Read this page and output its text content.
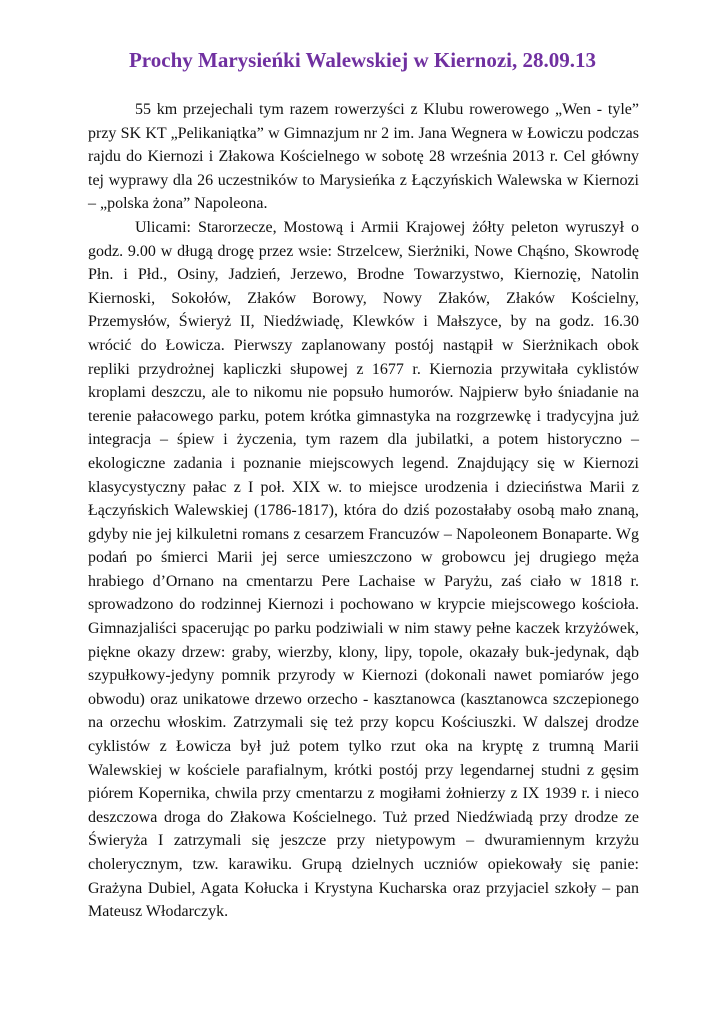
Prochy Marysieńki Walewskiej w Kiernozi, 28.09.13

55 km przejechali tym razem rowerzyści z Klubu rowerowego „Wen - tyle” przy SK KT „Pelikaniątka” w Gimnazjum nr 2 im. Jana Wegnera w Łowiczu podczas rajdu do Kiernozi i Złakowa Kościelnego w sobotę 28 września 2013 r. Cel główny tej wyprawy dla 26 uczestników to Marysieńka z Łączyńskich Walewska w Kiernozi – „polska żona” Napoleona.

Ulicami: Starorzecze, Mostową i Armii Krajowej żółty peleton wyruszył o godz. 9.00 w długą drogę przez wsie: Strzelcew, Sierżniki, Nowe Chąśno, Skowrodę Płn. i Płd., Osiny, Jadzień, Jerzewo, Brodne Towarzystwo, Kiernozię, Natolin Kiernoski, Sokołów, Złaków Borowy, Nowy Złaków, Złaków Kościelny, Przemysłów, Świeryż II, Niedźwiadę, Klewków i Małszyce, by na godz. 16.30 wrócić do Łowicza. Pierwszy zaplanowany postój nastąpił w Sierżnikach obok repliki przydrożnej kapliczki słupowej z 1677 r. Kiernozia przywitała cyklistów kroplami deszczu, ale to nikomu nie popsuło humorów. Najpierw było śniadanie na terenie pałacowego parku, potem krótka gimnastyka na rozgrzewkę i tradycyjna już integracja – śpiew i życzenia, tym razem dla jubilatki, a potem historyczno – ekologiczne zadania i poznanie miejscowych legend. Znajdujący się w Kiernozi klasycystyczny pałac z I poł. XIX w. to miejsce urodzenia i dzieciństwa Marii z Łączyńskich Walewskiej (1786-1817), która do dziś pozostałaby osobą mało znaną, gdyby nie jej kilkuletni romans z cesarzem Francuzów – Napoleonem Bonaparte. Wg podań po śmierci Marii jej serce umieszczono w grobowcu jej drugiego męża hrabiego d’Ornano na cmentarzu Pere Lachaise w Paryżu, zaś ciało w 1818 r. sprowadzono do rodzinnej Kiernozi i pochowano w krypcie miejscowego kościoła. Gimnazjaliści spacerując po parku podziwiali w nim stawy pełne kaczek krzyżówek, piękne okazy drzew: graby, wierzby, klony, lipy, topole, okazały buk-jedynak, dąb szypułkowy-jedyny pomnik przyrody w Kiernozi (dokonali nawet pomiarów jego obwodu) oraz unikatowe drzewo orzecho - kasztanowca (kasztanowca szczepionego na orzechu włoskim. Zatrzymali się też przy kopcu Kościuszki. W dalszej drodze cyklistów z Łowicza był już potem tylko rzut oka na kryptę z trumną Marii Walewskiej w kościele parafialnym, krótki postój przy legendarnej studni z gęsim piórem Kopernika, chwila przy cmentarzu z mogiłami żołnierzy z IX 1939 r. i nieco deszczowa droga do Złakowa Kościelnego. Tuż przed Niedźwiadą przy drodze ze Świeryża I zatrzymali się jeszcze przy nietypowym – dwuramiennym krzyżu cholerycznym, tzw. karawiku. Grupą dzielnych uczniów opiekowały się panie: Grażyna Dubiel, Agata Kołucka i Krystyna Kucharska oraz przyjaciel szkoły – pan Mateusz Włodarczyk.
